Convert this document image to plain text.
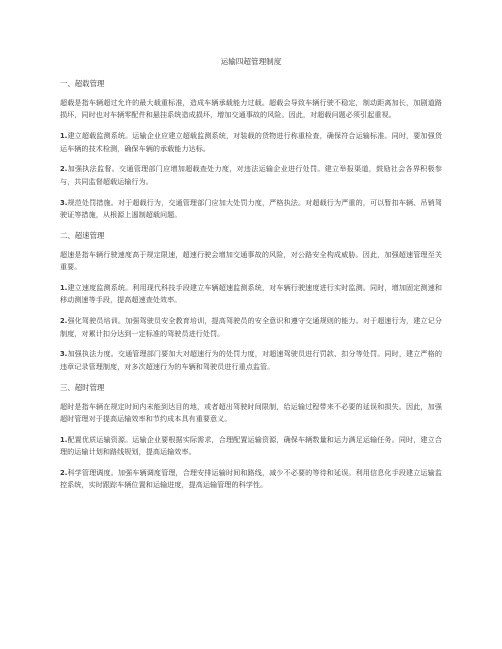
运输四超管理制度
一、超载管理

超载是指车辆超过允许的最大载重标准，造成车辆承载能力过载。超载会导致车辆行驶不稳定，制动距离加长，加剧道路损坏，同时也对车辆零配件和悬挂系统造成损坏，增加交通事故的风险。因此，对超载问题必须引起重视。

1.建立超载监测系统。运输企业应建立超载监测系统，对装载的货物进行称重检查，确保符合运输标准。同时，要加强货运车辆的技术检测，确保车辆的承载能力达标。

2.加强执法监督。交通管理部门应增加超载查处力度，对违法运输企业进行处罚。建立举报渠道，鼓励社会各界积极参与，共同监督超载运输行为。

3.规范处罚措施。对于超载行为，交通管理部门应加大处罚力度，严格执法。对超载行为严重的，可以暂扣车辆、吊销驾驶证等措施，从根源上遏制超载问题。

二、超速管理

超速是指车辆行驶速度高于规定限速，超速行驶会增加交通事故的风险，对公路安全构成威胁。因此，加强超速管理至关重要。

1.建立速度监测系统。利用现代科技手段建立车辆超速监测系统，对车辆行驶速度进行实时监测。同时，增加固定测速和移动测速等手段，提高超速查处效率。

2.强化驾驶员培训。加强驾驶员安全教育培训，提高驾驶员的安全意识和遵守交通规则的能力。对于超速行为，建立记分制度，对累计扣分达到一定标准的驾驶员进行处罚。

3.加强执法力度。交通管理部门要加大对超速行为的处罚力度，对超速驾驶员进行罚款、扣分等处罚。同时，建立严格的违章记录管理制度，对多次超速行为的车辆和驾驶员进行重点监管。

三、超时管理

超时是指车辆在规定时间内未能到达目的地，或者超出驾驶时间限制，给运输过程带来不必要的延误和损失。因此，加强超时管理对于提高运输效率和节约成本具有重要意义。

1.配置优质运输资源。运输企业要根据实际需求，合理配置运输资源，确保车辆数量和运力满足运输任务。同时，建立合理的运输计划和路线规划，提高运输效率。

2.科学管理调度。加强车辆调度管理，合理安排运输时间和路线，减少不必要的等待和延误。利用信息化手段建立运输监控系统，实时跟踪车辆位置和运输进度，提高运输管理的科学性。
